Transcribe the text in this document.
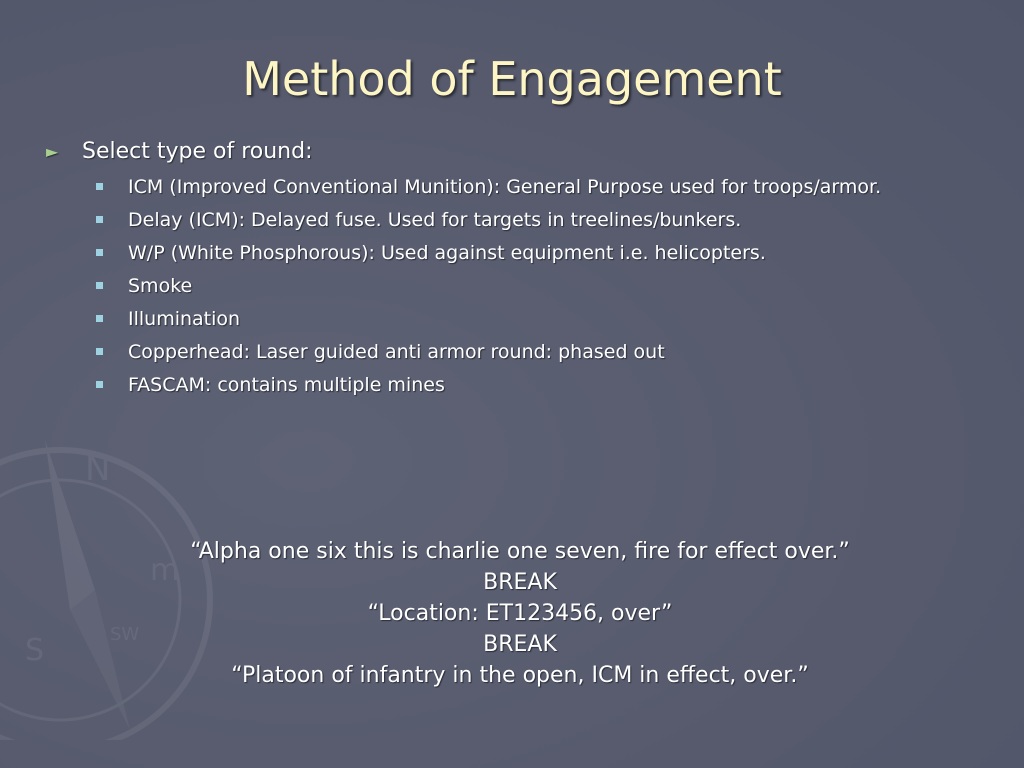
N
m
S	SW
Method of Engagement
►	Select type of round:
ICM (Improved Conventional Munition): General Purpose used for troops/armor.
Delay (ICM): Delayed fuse. Used for targets in treelines/bunkers.
W/P (White Phosphorous): Used against equipment i.e. helicopters.
Smoke
Illumination
Copperhead: Laser guided anti armor round: phased out
FASCAM: contains multiple mines
“Alpha one six this is charlie one seven, fire for effect over.”
BREAK
“Location: ET123456, over”
BREAK
“Platoon of infantry in the open, ICM in effect, over.”
